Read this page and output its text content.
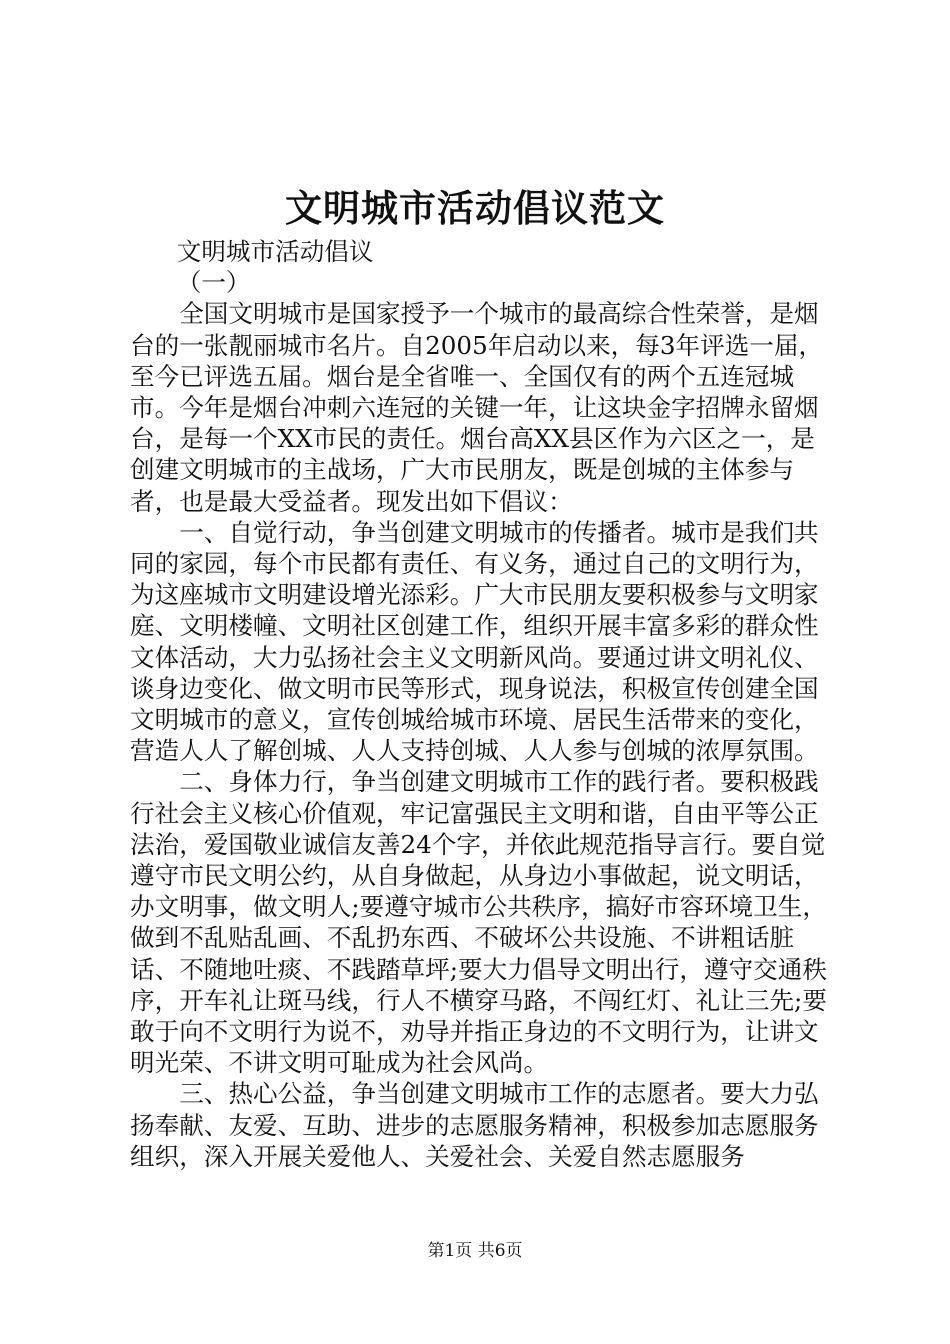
文明城市活动倡议范文

文明城市活动倡议

（一）

全国文明城市是国家授予一个城市的最高综合性荣誉，是烟台的一张靓丽城市名片。自2005年启动以来，每3年评选一届，至今已评选五届。烟台是全省唯一、全国仅有的两个五连冠城市。今年是烟台冲刺六连冠的关键一年，让这块金字招牌永留烟台，是每一个XX市民的责任。烟台高XX县区作为六区之一，是创建文明城市的主战场，广大市民朋友，既是创城的主体参与者，也是最大受益者。现发出如下倡议：

一、自觉行动，争当创建文明城市的传播者。城市是我们共同的家园，每个市民都有责任、有义务，通过自己的文明行为，为这座城市文明建设增光添彩。广大市民朋友要积极参与文明家庭、文明楼幢、文明社区创建工作，组织开展丰富多彩的群众性文体活动，大力弘扬社会主义文明新风尚。要通过讲文明礼仪、谈身边变化、做文明市民等形式，现身说法，积极宣传创建全国文明城市的意义，宣传创城给城市环境、居民生活带来的变化，营造人人了解创城、人人支持创城、人人参与创城的浓厚氛围。

二、身体力行，争当创建文明城市工作的践行者。要积极践行社会主义核心价值观，牢记富强民主文明和谐，自由平等公正法治，爱国敬业诚信友善24个字，并依此规范指导言行。要自觉遵守市民文明公约，从自身做起，从身边小事做起，说文明话，办文明事，做文明人;要遵守城市公共秩序，搞好市容环境卫生，做到不乱贴乱画、不乱扔东西、不破坏公共设施、不讲粗话脏话、不随地吐痰、不践踏草坪;要大力倡导文明出行，遵守交通秩序，开车礼让斑马线，行人不横穿马路，不闯红灯、礼让三先;要敢于向不文明行为说不，劝导并指正身边的不文明行为，让讲文明光荣、不讲文明可耻成为社会风尚。

三、热心公益，争当创建文明城市工作的志愿者。要大力弘扬奉献、友爱、互助、进步的志愿服务精神，积极参加志愿服务组织，深入开展关爱他人、关爱社会、关爱自然志愿服务

第1页 共6页
